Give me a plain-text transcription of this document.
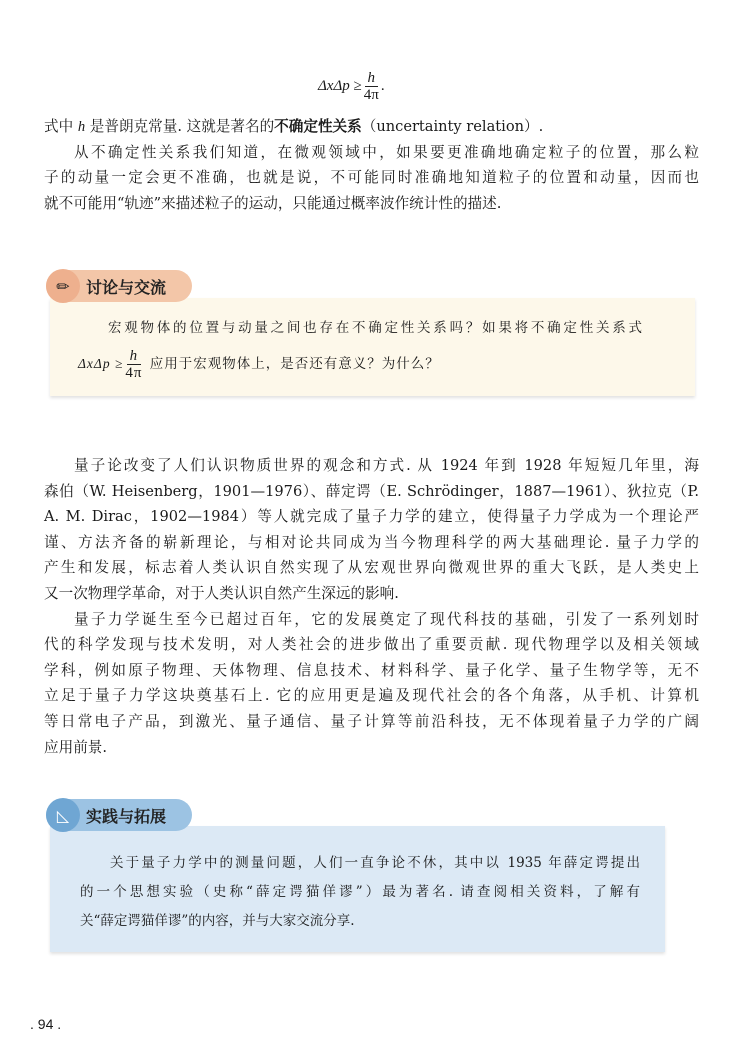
$\Delta x\Delta p \ge \frac{h}{4\pi}$ .
式中 h 是普朗克常量. 这就是著名的不确定性关系（uncertainty relation）.
从不确定性关系我们知道，在微观领域中，如果要更准确地确定粒子的位置，那么粒
子的动量一定会更不准确，也就是说，不可能同时准确地知道粒子的位置和动量，因而也
就不可能用“轨迹”来描述粒子的运动，只能通过概率波作统计性的描述.
✏	讨论与交流
宏观物体的位置与动量之间也存在不确定性关系吗？如果将不确定性关系式
$\Delta x\Delta p \ge \frac{h}{4\pi}$ 应用于宏观物体上，是否还有意义？为什么？
量子论改变了人们认识物质世界的观念和方式. 从 1924 年到 1928 年短短几年里，海
森伯（W. Heisenberg，1901—1976）、薛定谔（E. Schrödinger，1887—1961）、狄拉克（P.
A. M. Dirac，1902—1984）等人就完成了量子力学的建立，使得量子力学成为一个理论严
谨、方法齐备的崭新理论，与相对论共同成为当今物理科学的两大基础理论. 量子力学的
产生和发展，标志着人类认识自然实现了从宏观世界向微观世界的重大飞跃，是人类史上
又一次物理学革命，对于人类认识自然产生深远的影响.
量子力学诞生至今已超过百年，它的发展奠定了现代科技的基础，引发了一系列划时
代的科学发现与技术发明，对人类社会的进步做出了重要贡献. 现代物理学以及相关领域
学科，例如原子物理、天体物理、信息技术、材料科学、量子化学、量子生物学等，无不
立足于量子力学这块奠基石上. 它的应用更是遍及现代社会的各个角落，从手机、计算机
等日常电子产品，到激光、量子通信、量子计算等前沿科技，无不体现着量子力学的广阔
应用前景.
◺	实践与拓展
关于量子力学中的测量问题，人们一直争论不休，其中以 1935 年薛定谔提出
的一个思想实验（史称“薛定谔猫佯谬”）最为著名. 请查阅相关资料，了解有
关“薛定谔猫佯谬”的内容，并与大家交流分享.
. 94 .
